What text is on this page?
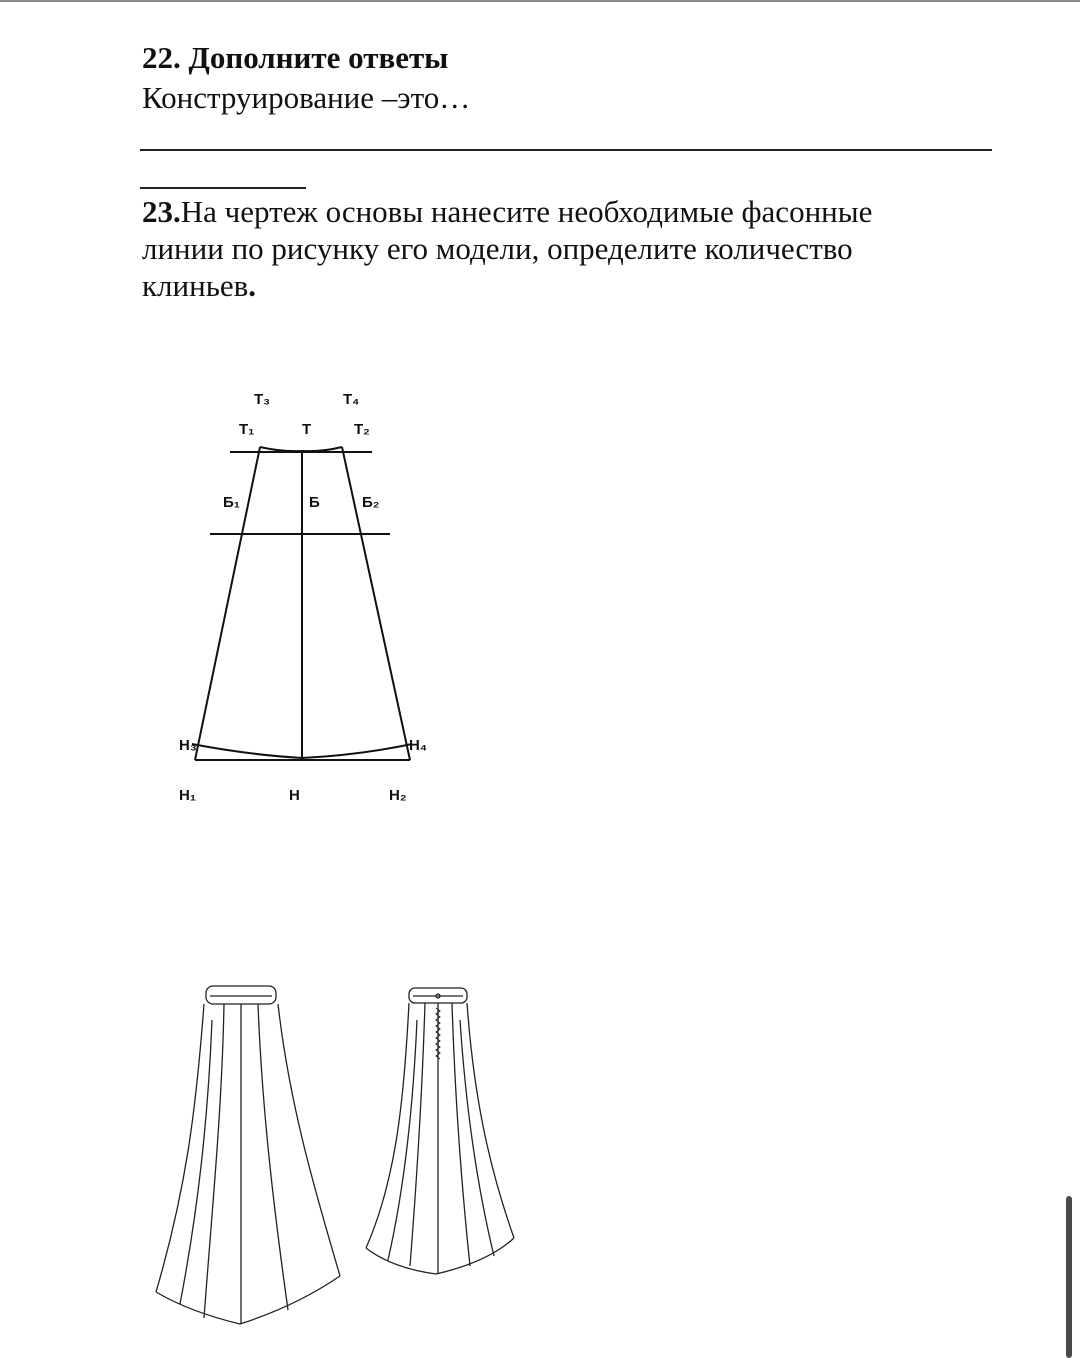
22. Дополните ответы
Конструирование –это…
23.На чертеж основы нанесите необходимые фасонные линии по рисунку его модели, определите количество клиньев.
Т₃	Т₄
Т₁	Т	Т₂
Б₁	Б	Б₂
Н₃	Н₄
Н₁	Н	Н₂
